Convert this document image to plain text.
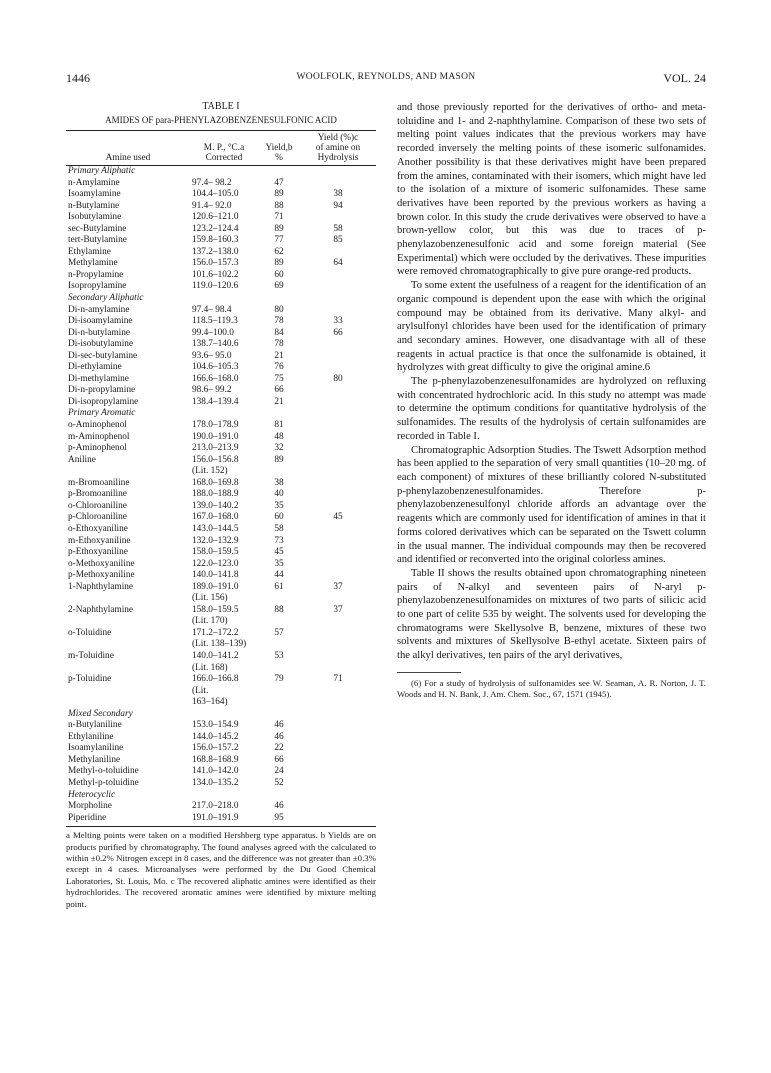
1446	WOOLFOLK, REYNOLDS, AND MASON	VOL. 24
TABLE I
AMIDES OF para-PHENYLAZOBENZENESULFONIC ACID
			Yield (%)c
	M. P., °C.a	Yield,b	of amine on
Amine used	Corrected	%	Hydrolysis
Primary Aliphatic			
n-Amylamine	97.4– 98.2	47	
Isoamylamine	104.4–105.0	89	38
n-Butylamine	91.4– 92.0	88	94
Isobutylamine	120.6–121.0	71	
sec-Butylamine	123.2–124.4	89	58
tert-Butylamine	159.8–160.3	77	85
Ethylamine	137.2–138.0	62	
Methylamine	156.0–157.3	89	64
n-Propylamine	101.6–102.2	60	
Isopropylamine	119.0–120.6	69	
Secondary Aliphatic			
Di-n-amylamine	97.4– 98.4	80	
Di-isoamylamine	118.5–119.3	78	33
Di-n-butylamine	99.4–100.0	84	66
Di-isobutylamine	138.7–140.6	78	
Di-sec-butylamine	93.6– 95.0	21	
Di-ethylamine	104.6–105.3	76	
Di-methylamine	166.6–168.0	75	80
Di-n-propylamine	98.6– 99.2	66	
Di-isopropylamine	138.4–139.4	21	
Primary Aromatic			
o-Aminophenol	178.0–178.9	81	
m-Aminophenol	190.0–191.0	48	
p-Aminophenol	213.0–213.9	32	
Aniline	156.0–156.8	89	
	(Lit. 152)		
m-Bromoaniline	168.0–169.8	38	
p-Bromoaniline	188.0–188.9	40	
o-Chloroaniline	139.0–140.2	35	
p-Chloroaniline	167.0–168.0	60	45
o-Ethoxyaniline	143.0–144.5	58	
m-Ethoxyaniline	132.0–132.9	73	
p-Ethoxyaniline	158.0–159.5	45	
o-Methoxyaniline	122.0–123.0	35	
p-Methoxyaniline	140.0–141.8	44	
1-Naphthylamine	189.0–191.0	61	37
	(Lit. 156)		
2-Naphthylamine	158.0–159.5	88	37
	(Lit. 170)		
o-Toluidine	171.2–172.2	57	
	(Lit. 138–139)		
m-Toluidine	140.0–141.2	53	
	(Lit. 168)		
p-Toluidine	166.0–166.8	79	71
	(Lit.		
	163–164)		
Mixed Secondary			
n-Butylaniline	153.0–154.9	46	
Ethylaniline	144.0–145.2	46	
Isoamylaniline	156.0–157.2	22	
Methylaniline	168.8–168.9	66	
Methyl-o-toluidine	141.0–142.0	24	
Methyl-p-toluidine	134.0–135.2	52	
Heterocyclic			
Morpholine	217.0–218.0	46	
Piperidine	191.0–191.9	95	
a Melting points were taken on a modified Hershberg type apparatus. b Yields are on products purified by chromatography. The found analyses agreed with the calculated to within ±0.2% Nitrogen except in 8 cases, and the difference was not greater than ±0.3% except in 4 cases. Microanalyses were performed by the Du Good Chemical Laboratories, St. Louis, Mo. c The recovered aliphatic amines were identified as their hydrochlorides. The recovered aromatic amines were identified by mixture melting point.

and those previously reported for the derivatives of ortho- and meta-toluidine and 1- and 2-naphthylamine. Comparison of these two sets of melting point values indicates that the previous workers may have recorded inversely the melting points of these isomeric sulfonamides. Another possibility is that these derivatives might have been prepared from the amines, contaminated with their isomers, which might have led to the isolation of a mixture of isomeric sulfonamides. These same derivatives have been reported by the previous workers as having a brown color. In this study the crude derivatives were observed to have a brown-yellow color, but this was due to traces of p-phenylazobenzenesulfonic acid and some foreign material (See Experimental) which were occluded by the derivatives. These impurities were removed chromatographically to give pure orange-red products.

To some extent the usefulness of a reagent for the identification of an organic compound is dependent upon the ease with which the original compound may be obtained from its derivative. Many alkyl- and arylsulfonyl chlorides have been used for the identification of primary and secondary amines. However, one disadvantage with all of these reagents in actual practice is that once the sulfonamide is obtained, it hydrolyzes with great difficulty to give the original amine.6

The p-phenylazobenzenesulfonamides are hydrolyzed on refluxing with concentrated hydrochloric acid. In this study no attempt was made to determine the optimum conditions for quantitative hydrolysis of the sulfonamides. The results of the hydrolysis of certain sulfonamides are recorded in Table I.

Chromatographic Adsorption Studies. The Tswett Adsorption method has been applied to the separation of very small quantities (10–20 mg. of each component) of mixtures of these brilliantly colored N-substituted p-phenylazobenzenesulfonamides. Therefore p-phenylazobenzenesulfonyl chloride affords an advantage over the reagents which are commonly used for identification of amines in that it forms colored derivatives which can be separated on the Tswett column in the usual manner. The individual compounds may then be recovered and identified or reconverted into the original colorless amines.

Table II shows the results obtained upon chromatographing nineteen pairs of N-alkyl and seventeen pairs of N-aryl p-phenylazobenzenesulfonamides on mixtures of two parts of silicic acid to one part of celite 535 by weight. The solvents used for developing the chromatograms were Skellysolve B, benzene, mixtures of these two solvents and mixtures of Skellysolve B-ethyl acetate. Sixteen pairs of the alkyl derivatives, ten pairs of the aryl derivatives,

(6) For a study of hydrolysis of sulfonamides see W. Seaman, A. R. Norton, J. T. Woods and H. N. Bank, J. Am. Chem. Soc., 67, 1571 (1945).
